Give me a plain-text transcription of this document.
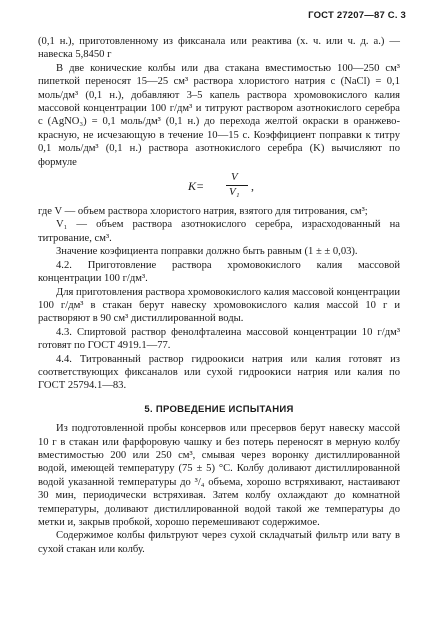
ГОСТ 27207—87 С. 3

(0,1 н.), приготовленному из фиксанала или реактива (х. ч. или ч. д. а.) — навеска 5,8450 г

В две конические колбы или два стакана вместимостью 100—250 см³ пипеткой переносят 15—25 см³ раствора хлористого натрия c (NaCl) = 0,1 моль/дм³ (0,1 н.), добавляют 3–5 капель раствора хромовокислого калия массовой концентрации 100 г/дм³ и титруют раствором азотнокислого серебра c (AgNO₃) = 0,1 моль/дм³ (0,1 н.) до перехода желтой окраски в оранжево-красную, не исчезающую в течение 10—15 с. Коэффициент поправки к титру 0,1 моль/дм³ (0,1 н.) раствора азотнокислого серебра (K) вычисляют по формуле

K=
V
V₁ ,

где V — объем раствора хлористого натрия, взятого для титрования, см³;

V₁ — объем раствора азотнокислого серебра, израсходованный на титрование, см³.

Значение коэфициента поправки должно быть равным (1 ± ± 0,03).

4.2. Приготовление раствора хромовокислого калия массовой концентрации 100 г/дм³.

Для приготовления раствора хромовокислого калия массовой концентрации 100 г/дм³ в стакан берут навеску хромовокислого калия массой 10 г и растворяют в 90 см³ дистиллированной воды.

4.3. Спиртовой раствор фенолфталеина массовой концентрации 10 г/дм³ готовят по ГОСТ 4919.1—77.

4.4. Титрованный раствор гидроокиси натрия или калия готовят из соответствующих фиксаналов или сухой гидроокиси натрия или калия по ГОСТ 25794.1—83.

5. ПРОВЕДЕНИЕ ИСПЫТАНИЯ

Из подготовленной пробы консервов или пресервов берут навеску массой 10 г в стакан или фарфоровую чашку и без потерь переносят в мерную колбу вместимостью 200 или 250 см³, смывая через воронку дистиллированной водой, имеющей температуру (75 ± 5) °С. Колбу доливают дистиллированной водой указанной температуры до ³/₄ объема, хорошо встряхивают, настаивают 30 мин, периодически встряхивая. Затем колбу охлаждают до комнатной температуры, доливают дистиллированной водой такой же температуры до метки и, закрыв пробкой, хорошо перемешивают содержимое.

Содержимое колбы фильтруют через сухой складчатый фильтр или вату в сухой стакан или колбу.
